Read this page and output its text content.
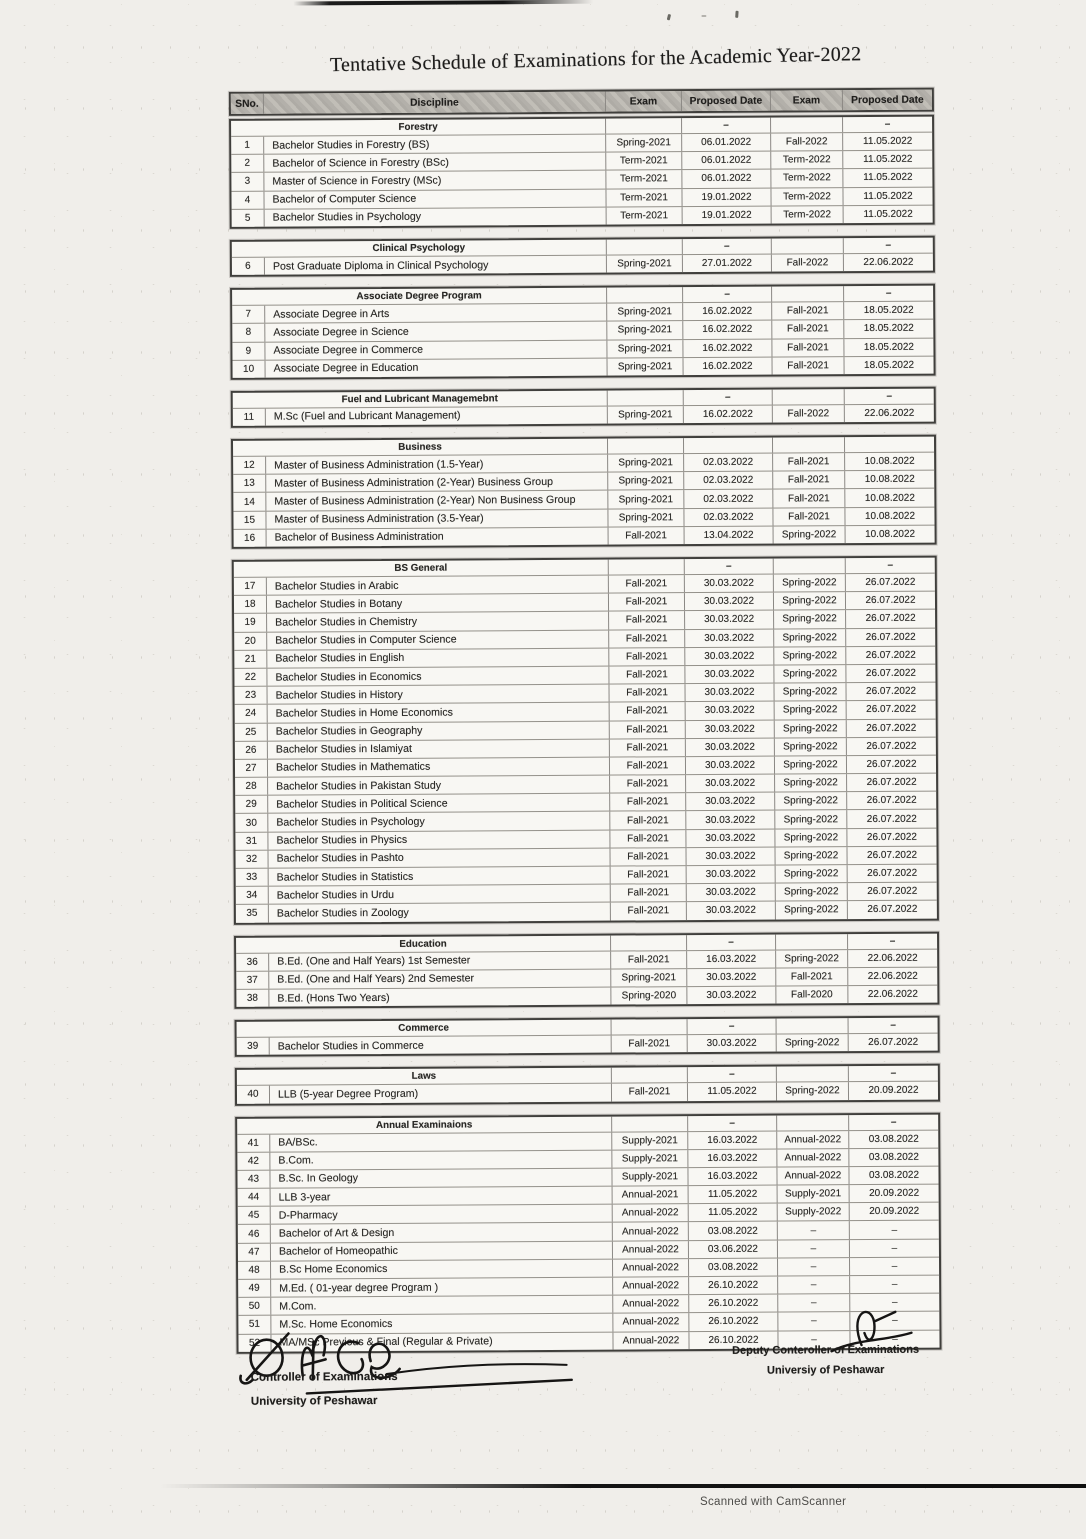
Tentative Schedule of Examinations for the Academic Year-2022
SNo.	Discipline	Exam	Proposed Date	Exam	Proposed Date
Forestry	–	–
1	Bachelor Studies in Forestry (BS)	Spring-2021	06.01.2022	Fall-2022	11.05.2022
2	Bachelor of Science in Forestry (BSc)	Term-2021	06.01.2022	Term-2022	11.05.2022
3	Master of Science in Forestry (MSc)	Term-2021	06.01.2022	Term-2022	11.05.2022
4	Bachelor of Computer Science	Term-2021	19.01.2022	Term-2022	11.05.2022
5	Bachelor Studies in Psychology	Term-2021	19.01.2022	Term-2022	11.05.2022
Clinical Psychology	–	–
6	Post Graduate Diploma in Clinical Psychology	Spring-2021	27.01.2022	Fall-2022	22.06.2022
Associate Degree Program	–	–
7	Associate Degree in Arts	Spring-2021	16.02.2022	Fall-2021	18.05.2022
8	Associate Degree in Science	Spring-2021	16.02.2022	Fall-2021	18.05.2022
9	Associate Degree in Commerce	Spring-2021	16.02.2022	Fall-2021	18.05.2022
10	Associate Degree in Education	Spring-2021	16.02.2022	Fall-2021	18.05.2022
Fuel and Lubricant Managemebnt	–	–
11	M.Sc (Fuel and Lubricant Management)	Spring-2021	16.02.2022	Fall-2022	22.06.2022
Business
12	Master of Business Administration (1.5-Year)	Spring-2021	02.03.2022	Fall-2021	10.08.2022
13	Master of Business Administration (2-Year) Business Group	Spring-2021	02.03.2022	Fall-2021	10.08.2022
14	Master of Business Administration (2-Year) Non Business Group	Spring-2021	02.03.2022	Fall-2021	10.08.2022
15	Master of Business Administration (3.5-Year)	Spring-2021	02.03.2022	Fall-2021	10.08.2022
16	Bachelor of Business Administration	Fall-2021	13.04.2022	Spring-2022	10.08.2022
BS General	–	–
17	Bachelor Studies in Arabic	Fall-2021	30.03.2022	Spring-2022	26.07.2022
18	Bachelor Studies in Botany	Fall-2021	30.03.2022	Spring-2022	26.07.2022
19	Bachelor Studies in Chemistry	Fall-2021	30.03.2022	Spring-2022	26.07.2022
20	Bachelor Studies in Computer Science	Fall-2021	30.03.2022	Spring-2022	26.07.2022
21	Bachelor Studies in English	Fall-2021	30.03.2022	Spring-2022	26.07.2022
22	Bachelor Studies in Economics	Fall-2021	30.03.2022	Spring-2022	26.07.2022
23	Bachelor Studies in History	Fall-2021	30.03.2022	Spring-2022	26.07.2022
24	Bachelor Studies in Home Economics	Fall-2021	30.03.2022	Spring-2022	26.07.2022
25	Bachelor Studies in Geography	Fall-2021	30.03.2022	Spring-2022	26.07.2022
26	Bachelor Studies in Islamiyat	Fall-2021	30.03.2022	Spring-2022	26.07.2022
27	Bachelor Studies in Mathematics	Fall-2021	30.03.2022	Spring-2022	26.07.2022
28	Bachelor Studies in Pakistan Study	Fall-2021	30.03.2022	Spring-2022	26.07.2022
29	Bachelor Studies in Political Science	Fall-2021	30.03.2022	Spring-2022	26.07.2022
30	Bachelor Studies in Psychology	Fall-2021	30.03.2022	Spring-2022	26.07.2022
31	Bachelor Studies in Physics	Fall-2021	30.03.2022	Spring-2022	26.07.2022
32	Bachelor Studies in Pashto	Fall-2021	30.03.2022	Spring-2022	26.07.2022
33	Bachelor Studies in Statistics	Fall-2021	30.03.2022	Spring-2022	26.07.2022
34	Bachelor Studies in Urdu	Fall-2021	30.03.2022	Spring-2022	26.07.2022
35	Bachelor Studies in Zoology	Fall-2021	30.03.2022	Spring-2022	26.07.2022
Education	–	–
36	B.Ed. (One and Half Years) 1st Semester	Fall-2021	16.03.2022	Spring-2022	22.06.2022
37	B.Ed. (One and Half Years) 2nd Semester	Spring-2021	30.03.2022	Fall-2021	22.06.2022
38	B.Ed. (Hons Two Years)	Spring-2020	30.03.2022	Fall-2020	22.06.2022
Commerce	–	–
39	Bachelor Studies in Commerce	Fall-2021	30.03.2022	Spring-2022	26.07.2022
Laws	–	–
40	LLB (5-year Degree Program)	Fall-2021	11.05.2022	Spring-2022	20.09.2022
Annual Examinaions	–	–
41	BA/BSc.	Supply-2021	16.03.2022	Annual-2022	03.08.2022
42	B.Com.	Supply-2021	16.03.2022	Annual-2022	03.08.2022
43	B.Sc. In Geology	Supply-2021	16.03.2022	Annual-2022	03.08.2022
44	LLB 3-year	Annual-2021	11.05.2022	Supply-2021	20.09.2022
45	D-Pharmacy	Annual-2022	11.05.2022	Supply-2022	20.09.2022
46	Bachelor of Art & Design	Annual-2022	03.08.2022	–	–
47	Bachelor of Homeopathic	Annual-2022	03.06.2022	–	–
48	B.Sc Home Economics	Annual-2022	03.08.2022	–	–
49	M.Ed. ( 01-year degree Program )	Annual-2022	26.10.2022	–	–
50	M.Com.	Annual-2022	26.10.2022	–	–
51	M.Sc. Home Economics	Annual-2022	26.10.2022	–	–
52	MA/MSc Previous & Final (Regular & Private)	Annual-2022	26.10.2022	–	–
Controller of Examinations
University of Peshawar
Deputy Conteroller of Examinations
Universiy of Peshawar
Scanned with CamScanner
